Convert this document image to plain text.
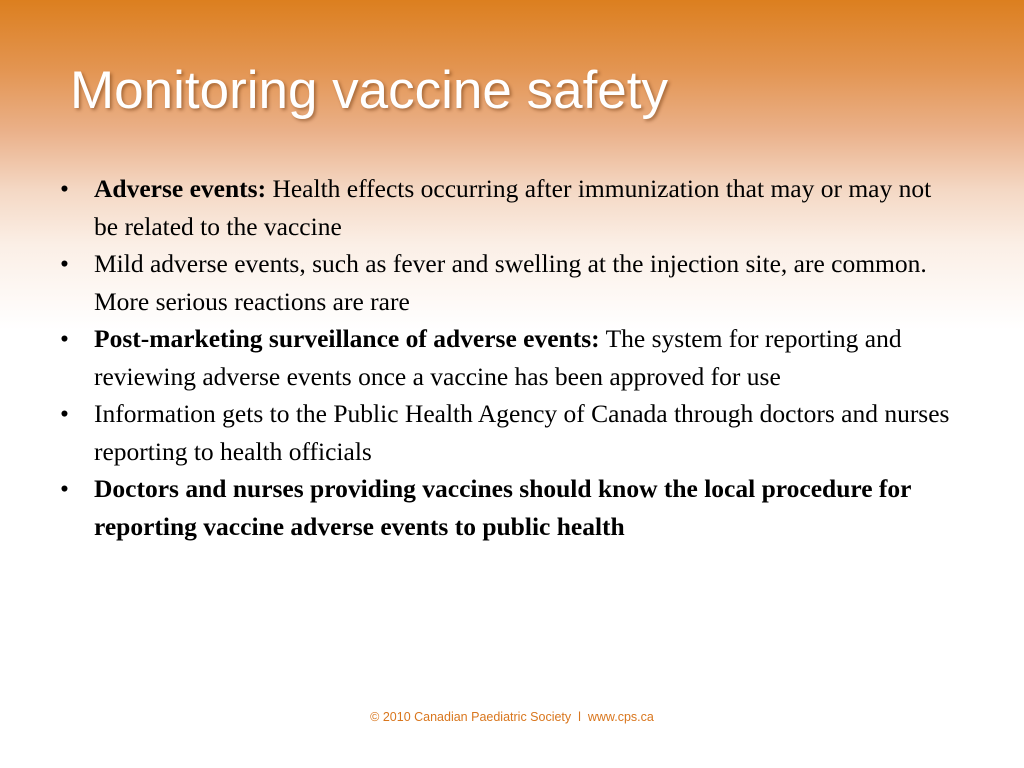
Monitoring vaccine safety
• Adverse events: Health effects occurring after immunization that may or may not be related to the vaccine
• Mild adverse events, such as fever and swelling at the injection site, are common. More serious reactions are rare
• Post-marketing surveillance of adverse events: The system for reporting and reviewing adverse events once a vaccine has been approved for use
• Information gets to the Public Health Agency of Canada through doctors and nurses reporting to health officials
• Doctors and nurses providing vaccines should know the local procedure for reporting vaccine adverse events to public health
© 2010 Canadian Paediatric Society  l  www.cps.ca
